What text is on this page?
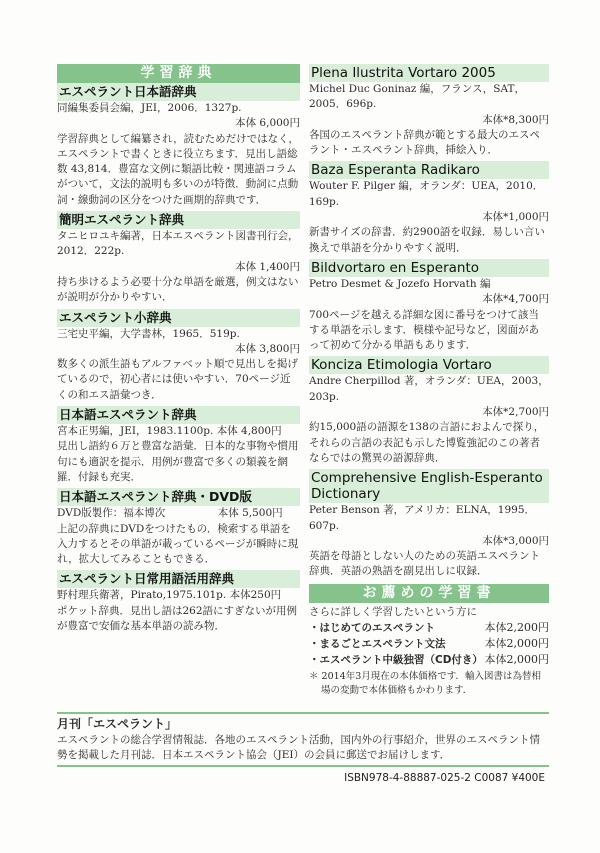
学習辞典
エスペラント日本語辞典

同編集委員会編，JEI，2006．1327p.

本体 6,000円

学習辞典として編纂され，読むためだけではなく，エスペラントで書くときに役立ちます．見出し語総数 43,814．豊富な文例に類語比較・関連語コラムがついて，文法的説明も多いのが特徴．動詞に点動詞・線動詞の区分をつけた画期的辞典です．

簡明エスペラント辞典

タニヒロユキ編著，日本エスペラント図書刊行会，2012．222p.

本体 1,400円

持ち歩けるよう必要十分な単語を厳選，例文はないが説明が分かりやすい．

エスペラント小辞典

三宅史平編，大学書林，1965．519p.

本体 3,800円

数多くの派生語もアルファベット順で見出しを掲げているので，初心者には使いやすい．70ページ近くの和エス語彙つき．

日本語エスペラント辞典

宮本正男編，JEI，1983.1100p. 本体 4,800円

見出し語約６万と豊富な語彙．日本的な事物や慣用句にも適訳を提示．用例が豊富で多くの類義を網羅．付録も充実．

日本語エスペラント辞典・DVD版

DVD版製作：福本博次　　　　　本体 5,500円

上記の辞典にDVDをつけたもの．検索する単語を入力するとその単語が載っているページが瞬時に現れ，拡大してみることもできる．

エスペラント日常用語活用辞典

野村理兵衛著，Pirato,1975.101p. 本体250円

ポケット辞典．見出し語は262語にすぎないが用例が豊富で安価な基本単語の読み物．

Plena Ilustrita Vortaro 2005

Michel Duc Goninaz 編，フランス，SAT，2005．696p.

本体*8,300円

各国のエスペラント辞典が範とする最大のエスペラント・エスペラント辞典，挿絵入り．

Baza Esperanta Radikaro

Wouter F. Pilger 編，オランダ：UEA，2010．169p.

本体*1,000円

新書サイズの辞書．約2900語を収録．易しい言い換えで単語を分かりやすく説明．

Bildvortaro en Esperanto

Petro Desmet & Jozefo Horvath 編

本体*4,700円

700ページを越える詳細な図に番号をつけて該当する単語を示します．模様や記号など，図面があって初めて分かる単語もあります．

Konciza Etimologia Vortaro

Andre Cherpillod 著，オランダ：UEA，2003，203p.

本体*2,700円

約15,000語の語源を138の言語におよんで探り，それらの言語の表記も示した博覧強記のこの著者ならではの驚異の語源辞典．

Comprehensive English-Esperanto Dictionary

Peter Benson 著，アメリカ：ELNA，1995．607p.

本体*3,000円

英語を母語としない人のための英語エスペラント辞典．英語の熟語を副見出しに収録．

お薦めの学習書

さらに詳しく学習したいという方に

・はじめてのエスペラント	本体2,200円
・まるごとエスペラント文法	本体2,000円
・エスペラント中級独習（CD付き） 本体2,000円

＊ 2014年3月現在の本体価格です．輸入図書は為替相場の変動で本体価格もかわります．

月刊「エスペラント」
エスペラントの総合学習情報誌．各地のエスペラント活動，国内外の行事紹介，世界のエスペラント情勢を掲載した月刊誌．日本エスペラント協会（JEI）の会員に郵送でお届けします．
ISBN978-4-88887-025-2 C0087 ¥400E
